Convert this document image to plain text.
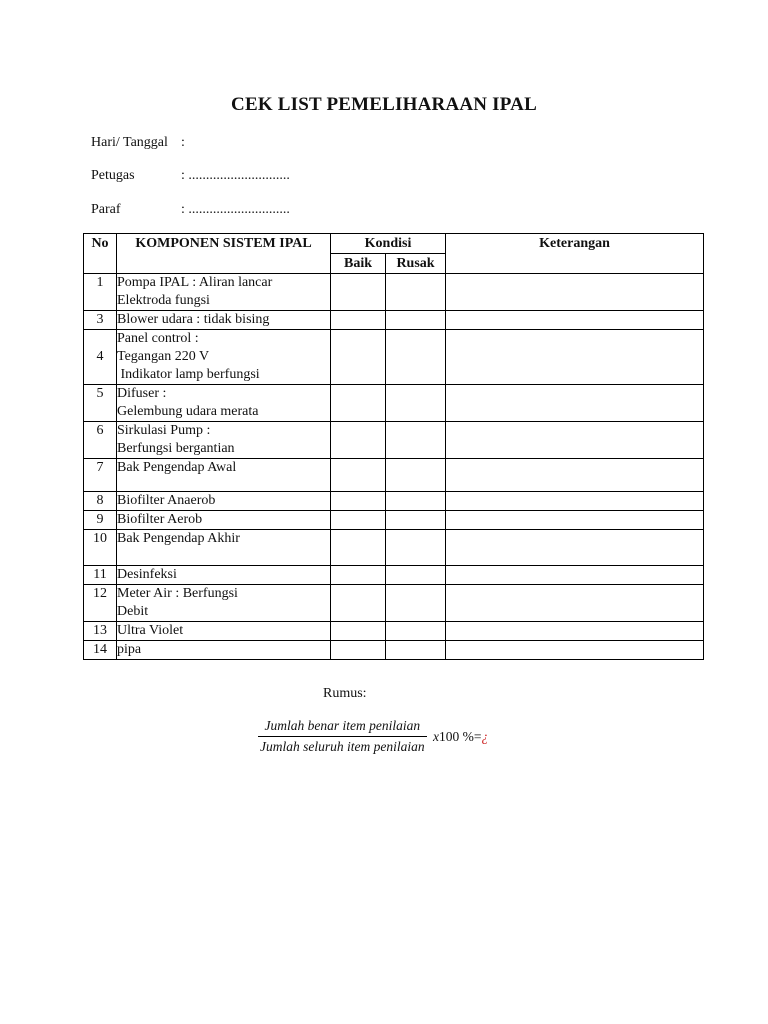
CEK LIST PEMELIHARAAN IPAL
Hari/ Tanggal :
Petugas	: .............................
Paraf	: .............................
No	KOMPONEN SISTEM IPAL	Kondisi		Keterangan
		Baik	Rusak	
1	Pompa IPAL : Aliran lancar
Elektroda fungsi			
3	Blower udara : tidak bising			
4	Panel control :
Tegangan 220 V
Indikator lamp berfungsi			
5	Difuser :
Gelembung udara merata			
6	Sirkulasi Pump :
Berfungsi bergantian			
7	Bak Pengendap Awal			
8	Biofilter Anaerob			
9	Biofilter Aerob			
10	Bak Pengendap Akhir			
11	Desinfeksi			
12	Meter Air : Berfungsi
Debit			
13	Ultra Violet			
14	pipa			
Rumus:
$\frac{\text{Jumlah benar item penilaian}}{\text{Jumlah seluruh item penilaian}} x100$ %=¿
